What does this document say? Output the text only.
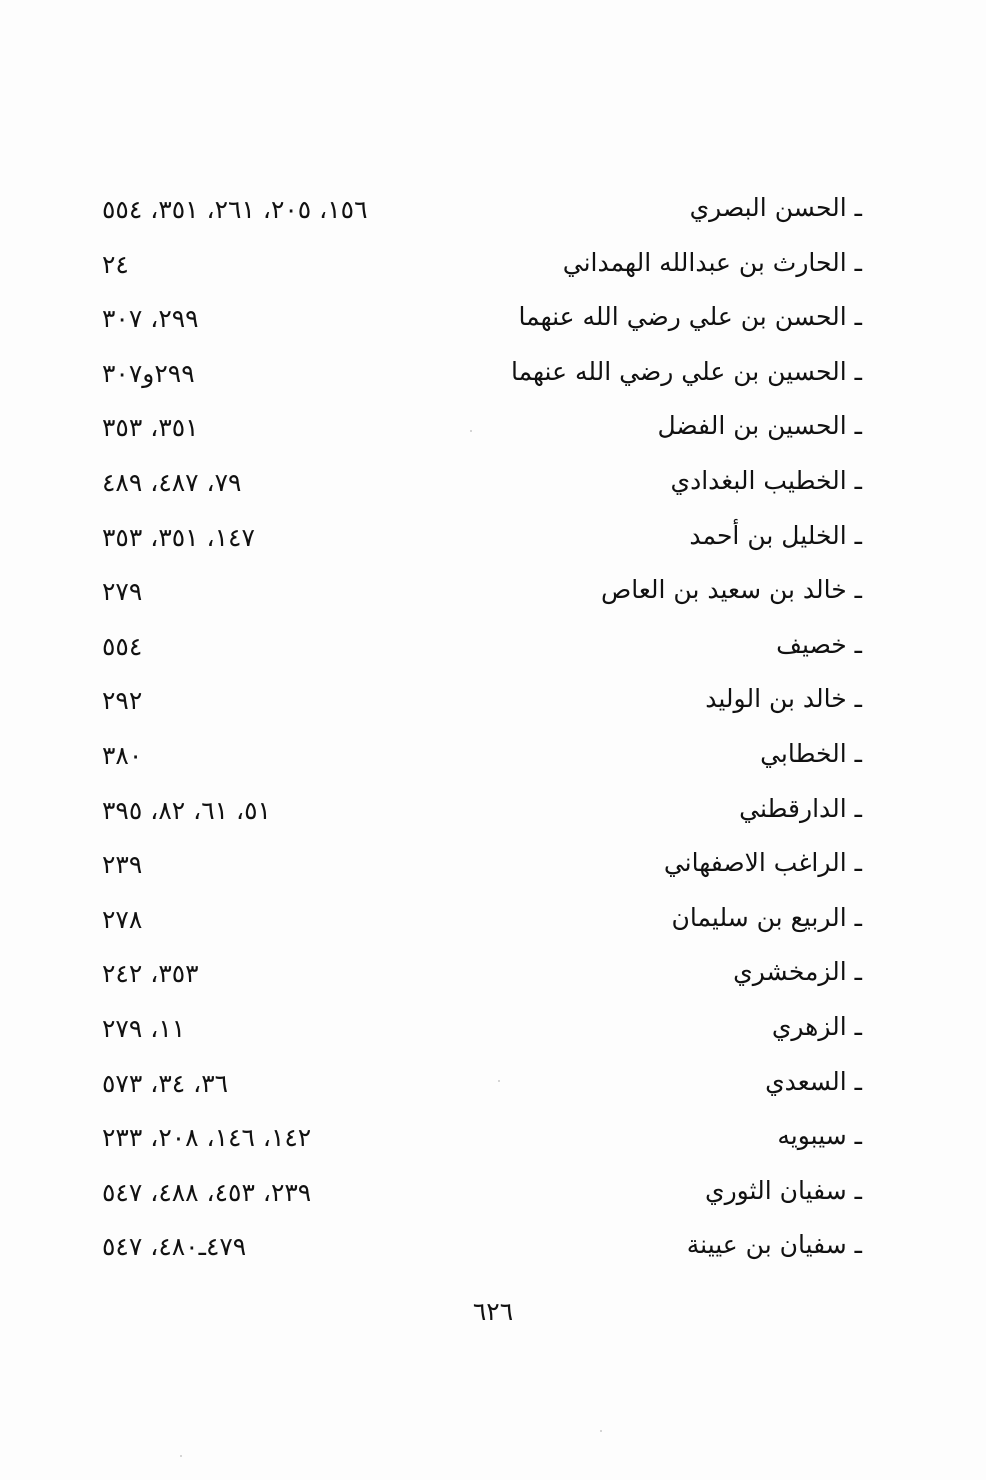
ـ الحسن البصري
١٥٦، ٢٠٥، ٢٦١، ٣٥١، ٥٥٤
ـ الحارث بن عبدالله الهمداني
٢٤
ـ الحسن بن علي رضي الله عنهما
٢٩٩، ٣٠٧
ـ الحسين بن علي رضي الله عنهما
٢٩٩و٣٠٧
ـ الحسين بن الفضل
٣٥١، ٣٥٣
ـ الخطيب البغدادي
٧٩، ٤٨٧، ٤٨٩
ـ الخليل بن أحمد
١٤٧، ٣٥١، ٣٥٣
ـ خالد بن سعيد بن العاص
٢٧٩
ـ خصيف
٥٥٤
ـ خالد بن الوليد
٢٩٢
ـ الخطابي
٣٨٠
ـ الدارقطني
٥١، ٦١، ٨٢، ٣٩٥
ـ الراغب الاصفهاني
٢٣٩
ـ الربيع بن سليمان
٢٧٨
ـ الزمخشري
٣٥٣، ٢٤٢
ـ الزهري
١١، ٢٧٩
ـ السعدي
٣٦، ٣٤، ٥٧٣
ـ سيبويه
١٤٢، ١٤٦، ٢٠٨، ٢٣٣
ـ سفيان الثوري
٢٣٩، ٤٥٣، ٤٨٨، ٥٤٧
ـ سفيان بن عيينة
٤٧٩ـ٤٨٠، ٥٤٧
٦٢٦
